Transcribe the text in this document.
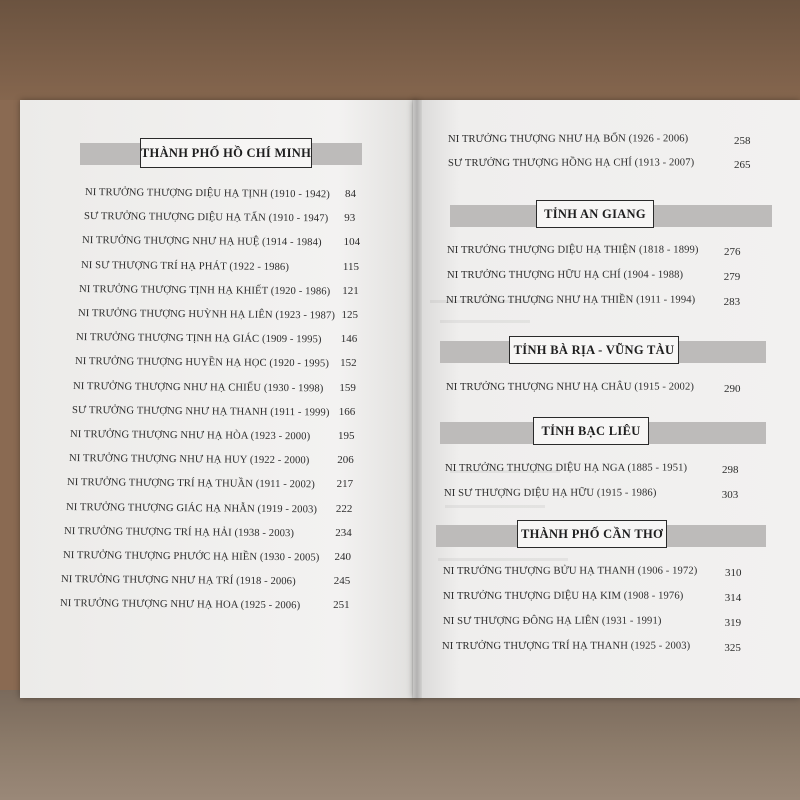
THÀNH PHỐ HỒ CHÍ MINH
NI TRƯỞNG THƯỢNG DIỆU HẠ TỊNH (1910 - 1942) 84
SƯ TRƯỞNG THƯỢNG DIỆU HẠ TẤN (1910 - 1947) 93
NI TRƯỞNG THƯỢNG NHƯ HẠ HUỆ (1914 - 1984) 104
NI SƯ THƯỢNG TRÍ HẠ PHÁT (1922 - 1986)	115
NI TRƯỞNG THƯỢNG TỊNH HẠ KHIẾT (1920 - 1986) 121
NI TRƯỞNG THƯỢNG HUỲNH HẠ LIÊN (1923 - 1987) 125
NI TRƯỞNG THƯỢNG TỊNH HẠ GIÁC (1909 - 1995) 146
NI TRƯỞNG THƯỢNG HUYỀN HẠ HỌC (1920 - 1995) 152
NI TRƯỞNG THƯỢNG NHƯ HẠ CHIẾU (1930 - 1998) 159
SƯ TRƯỞNG THƯỢNG NHƯ HẠ THANH (1911 - 1999) 166
NI TRƯỞNG THƯỢNG NHƯ HẠ HÒA (1923 - 2000)	195
NI TRƯỞNG THƯỢNG NHƯ HẠ HUY (1922 - 2000)	206
NI TRƯỞNG THƯỢNG TRÍ HẠ THUẦN (1911 - 2002) 217
NI TRƯỞNG THƯỢNG GIÁC HẠ NHẪN (1919 - 2003) 222
NI TRƯỞNG THƯỢNG TRÍ HẠ HẢI (1938 - 2003)	234
NI TRƯỞNG THƯỢNG PHƯỚC HẠ HIỀN (1930 - 2005) 240
NI TRƯỞNG THƯỢNG NHƯ HẠ TRÍ (1918 - 2006)	245
NI TRƯỞNG THƯỢNG NHƯ HẠ HOA (1925 - 2006)	251
NI TRƯỞNG THƯỢNG NHƯ HẠ BỔN (1926 - 2006)	258
SƯ TRƯỞNG THƯỢNG HỒNG HẠ CHÍ (1913 - 2007)	265
TỈNH AN GIANG
NI TRƯỞNG THƯỢNG DIỆU HẠ THIỆN (1818 - 1899) 276
NI TRƯỞNG THƯỢNG HỮU HẠ CHÍ (1904 - 1988)	279
NI TRƯỞNG THƯỢNG NHƯ HẠ THIỀN (1911 - 1994)	283
TỈNH BÀ RỊA - VŨNG TÀU
NI TRƯỞNG THƯỢNG NHƯ HẠ CHÂU (1915 - 2002)	290
TỈNH BẠC LIÊU
NI TRƯỞNG THƯỢNG DIỆU HẠ NGA (1885 - 1951)	298
NI SƯ THƯỢNG DIỆU HẠ HỮU (1915 - 1986)	303
THÀNH PHỐ CẦN THƠ
NI TRƯỞNG THƯỢNG BỬU HẠ THANH (1906 - 1972) 310
NI TRƯỞNG THƯỢNG DIỆU HẠ KIM (1908 - 1976)	314
NI SƯ THƯỢNG ĐÔNG HẠ LIÊN (1931 - 1991)	319
NI TRƯỞNG THƯỢNG TRÍ HẠ THANH (1925 - 2003)	325
